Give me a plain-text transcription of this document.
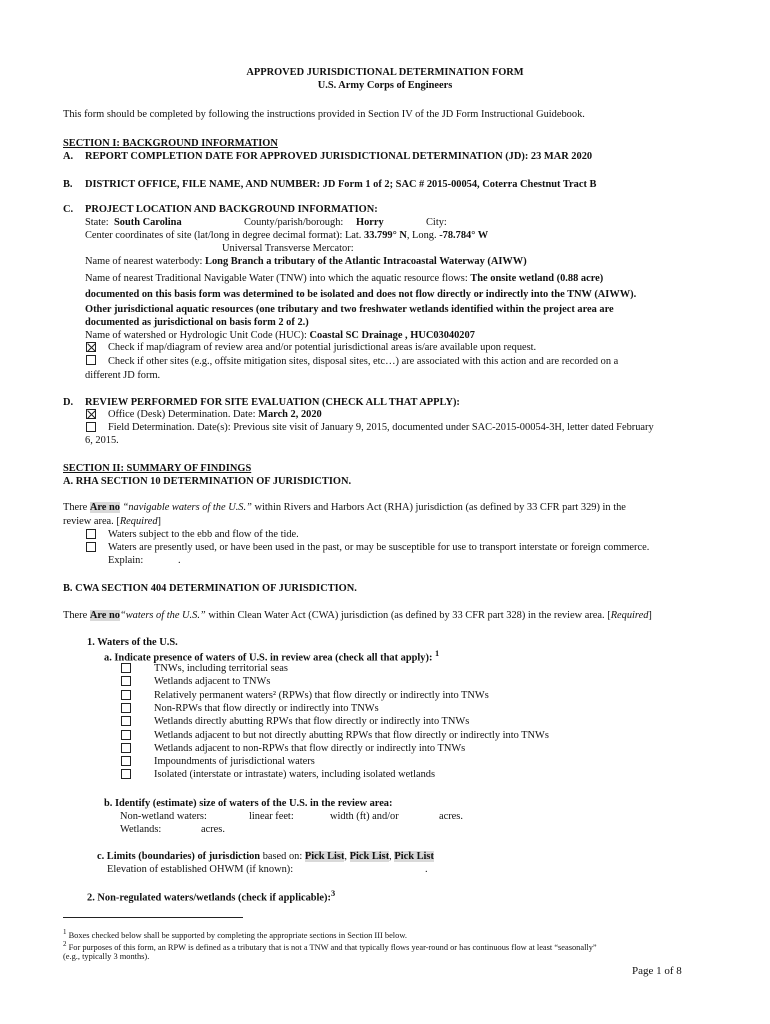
APPROVED JURISDICTIONAL DETERMINATION FORM
U.S. Army Corps of Engineers
This form should be completed by following the instructions provided in Section IV of the JD Form Instructional Guidebook.
SECTION I: BACKGROUND INFORMATION
A. REPORT COMPLETION DATE FOR APPROVED JURISDICTIONAL DETERMINATION (JD): 23 MAR 2020
B. DISTRICT OFFICE, FILE NAME, AND NUMBER: JD Form 1 of 2; SAC # 2015-00054, Coterra Chestnut Tract B
C. PROJECT LOCATION AND BACKGROUND INFORMATION:
State: South Carolina	County/parish/borough: Horry	City:
Center coordinates of site (lat/long in degree decimal format): Lat. 33.799° N, Long. -78.784° W
Universal Transverse Mercator:
Name of nearest waterbody: Long Branch a tributary of the Atlantic Intracoastal Waterway (AIWW)
Name of nearest Traditional Navigable Water (TNW) into which the aquatic resource flows: The onsite wetland (0.88 acre)
documented on this basis form was determined to be isolated and does not flow directly or indirectly into the TNW (AIWW).
Other jurisdictional aquatic resources (one tributary and two freshwater wetlands identified within the project area are
documented as jurisdictional on basis form 2 of 2.)
Name of watershed or Hydrologic Unit Code (HUC): Coastal SC Drainage , HUC03040207
Check if map/diagram of review area and/or potential jurisdictional areas is/are available upon request.
Check if other sites (e.g., offsite mitigation sites, disposal sites, etc…) are associated with this action and are recorded on a
different JD form.
D. REVIEW PERFORMED FOR SITE EVALUATION (CHECK ALL THAT APPLY):
Office (Desk) Determination. Date: March 2, 2020
Field Determination. Date(s): Previous site visit of January 9, 2015, documented under SAC-2015-00054-3H, letter dated February
6, 2015.
SECTION II: SUMMARY OF FINDINGS
A. RHA SECTION 10 DETERMINATION OF JURISDICTION.
There Are no “navigable waters of the U.S.” within Rivers and Harbors Act (RHA) jurisdiction (as defined by 33 CFR part 329) in the
review area. [Required]
Waters subject to the ebb and flow of the tide.
Waters are presently used, or have been used in the past, or may be susceptible for use to transport interstate or foreign commerce.
Explain:	.
B. CWA SECTION 404 DETERMINATION OF JURISDICTION.
There Are no“waters of the U.S.” within Clean Water Act (CWA) jurisdiction (as defined by 33 CFR part 328) in the review area. [Required]
1. Waters of the U.S.
a. Indicate presence of waters of U.S. in review area (check all that apply): $^1$
TNWs, including territorial seas
Wetlands adjacent to TNWs
Relatively permanent waters² (RPWs) that flow directly or indirectly into TNWs
Non-RPWs that flow directly or indirectly into TNWs
Wetlands directly abutting RPWs that flow directly or indirectly into TNWs
Wetlands adjacent to but not directly abutting RPWs that flow directly or indirectly into TNWs
Wetlands adjacent to non-RPWs that flow directly or indirectly into TNWs
Impoundments of jurisdictional waters
Isolated (interstate or intrastate) waters, including isolated wetlands
b. Identify (estimate) size of waters of the U.S. in the review area:
Non-wetland waters:	linear feet:	width (ft) and/or	acres.
Wetlands:	acres.
c. Limits (boundaries) of jurisdiction based on: Pick List, Pick List, Pick List
Elevation of established OHWM (if known):	.
2. Non-regulated waters/wetlands (check if applicable):$^3$
$^1$ Boxes checked below shall be supported by completing the appropriate sections in Section III below.
$^2$ For purposes of this form, an RPW is defined as a tributary that is not a TNW and that typically flows year-round or has continuous flow at least “seasonally”
(e.g., typically 3 months).
Page 1 of 8
